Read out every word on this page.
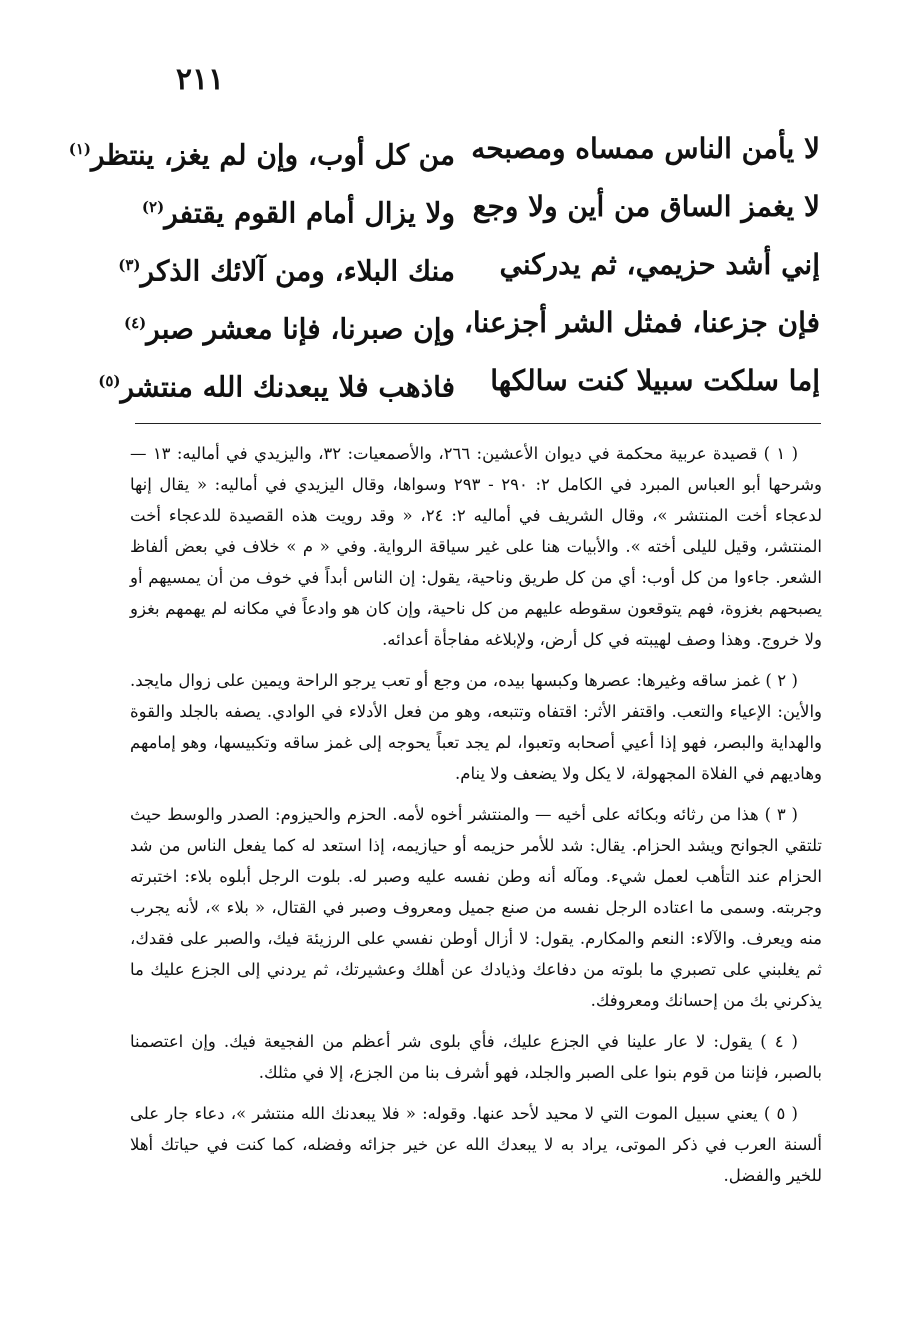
٢١١
لا يأمن الناس ممساه ومصبحه
من كل أوب، وإن لم يغز، ينتظر$^{(١)}$
لا يغمز الساق من أين ولا وجع
ولا يزال أمام القوم يقتفر$^{(٢)}$
إني أشد حزيمي، ثم يدركني
منك البلاء، ومن آلائك الذكر$^{(٣)}$
فإن جزعنا، فمثل الشر أجزعنا،
وإن صبرنا، فإنا معشر صبر$^{(٤)}$
إما سلكت سبيلا كنت سالكها
فاذهب فلا يبعدنك الله منتشر$^{(٥)}$

( ١ ) قصيدة عربية محكمة في ديوان الأعشين: ٢٦٦، والأصمعيات: ٣٢، واليزيدي في أماليه: ١٣ — وشرحها أبو العباس المبرد في الكامل ٢: ٢٩٠ - ٢٩٣ وسواها، وقال اليزيدي في أماليه: « يقال إنها لدعجاء أخت المنتشر »، وقال الشريف في أماليه ٢: ٢٤، « وقد رويت هذه القصيدة للدعجاء أخت المنتشر، وقيل لليلى أخته ». والأبيات هنا على غير سياقة الرواية. وفي « م » خلاف في بعض ألفاظ الشعر. جاءوا من كل أوب: أي من كل طريق وناحية، يقول: إن الناس أبداً في خوف من أن يمسيهم أو يصبحهم بغزوة، فهم يتوقعون سقوطه عليهم من كل ناحية، وإن كان هو وادعاً في مكانه لم يهمهم بغزو ولا خروج. وهذا وصف لهيبته في كل أرض، ولإبلاغه مفاجأة أعدائه.

( ٢ ) غمز ساقه وغيرها: عصرها وكبسها بيده، من وجع أو تعب يرجو الراحة ويمين على زوال مايجد. والأين: الإعياء والتعب. واقتفر الأثر: اقتفاه وتتبعه، وهو من فعل الأدلاء في الوادي. يصفه بالجلد والقوة والهداية والبصر، فهو إذا أعيي أصحابه وتعبوا، لم يجد تعباً يحوجه إلى غمز ساقه وتكبيسها، وهو إمامهم وهاديهم في الفلاة المجهولة، لا يكل ولا يضعف ولا ينام.

( ٣ ) هذا من رثائه وبكائه على أخيه — والمنتشر أخوه لأمه. الحزم والحيزوم: الصدر والوسط حيث تلتقي الجوانح ويشد الحزام. يقال: شد للأمر حزيمه أو حيازيمه، إذا استعد له كما يفعل الناس من شد الحزام عند التأهب لعمل شيء. ومآله أنه وطن نفسه عليه وصبر له. بلوت الرجل أبلوه بلاء: اختبرته وجربته. وسمى ما اعتاده الرجل نفسه من صنع جميل ومعروف وصبر في القتال، « بلاء »، لأنه يجرب منه ويعرف. والآلاء: النعم والمكارم. يقول: لا أزال أوطن نفسي على الرزيئة فيك، والصبر على فقدك، ثم يغلبني على تصبري ما بلوته من دفاعك وذيادك عن أهلك وعشيرتك، ثم يردني إلى الجزع عليك ما يذكرني بك من إحسانك ومعروفك.

( ٤ ) يقول: لا عار علينا في الجزع عليك، فأي بلوى شر أعظم من الفجيعة فيك. وإن اعتصمنا بالصبر، فإننا من قوم بنوا على الصبر والجلد، فهو أشرف بنا من الجزع، إلا في مثلك.

( ٥ ) يعني سبيل الموت التي لا محيد لأحد عنها. وقوله: « فلا يبعدنك الله منتشر »، دعاء جار على ألسنة العرب في ذكر الموتى، يراد به لا يبعدك الله عن خير جزائه وفضله، كما كنت في حياتك أهلا للخير والفضل.
